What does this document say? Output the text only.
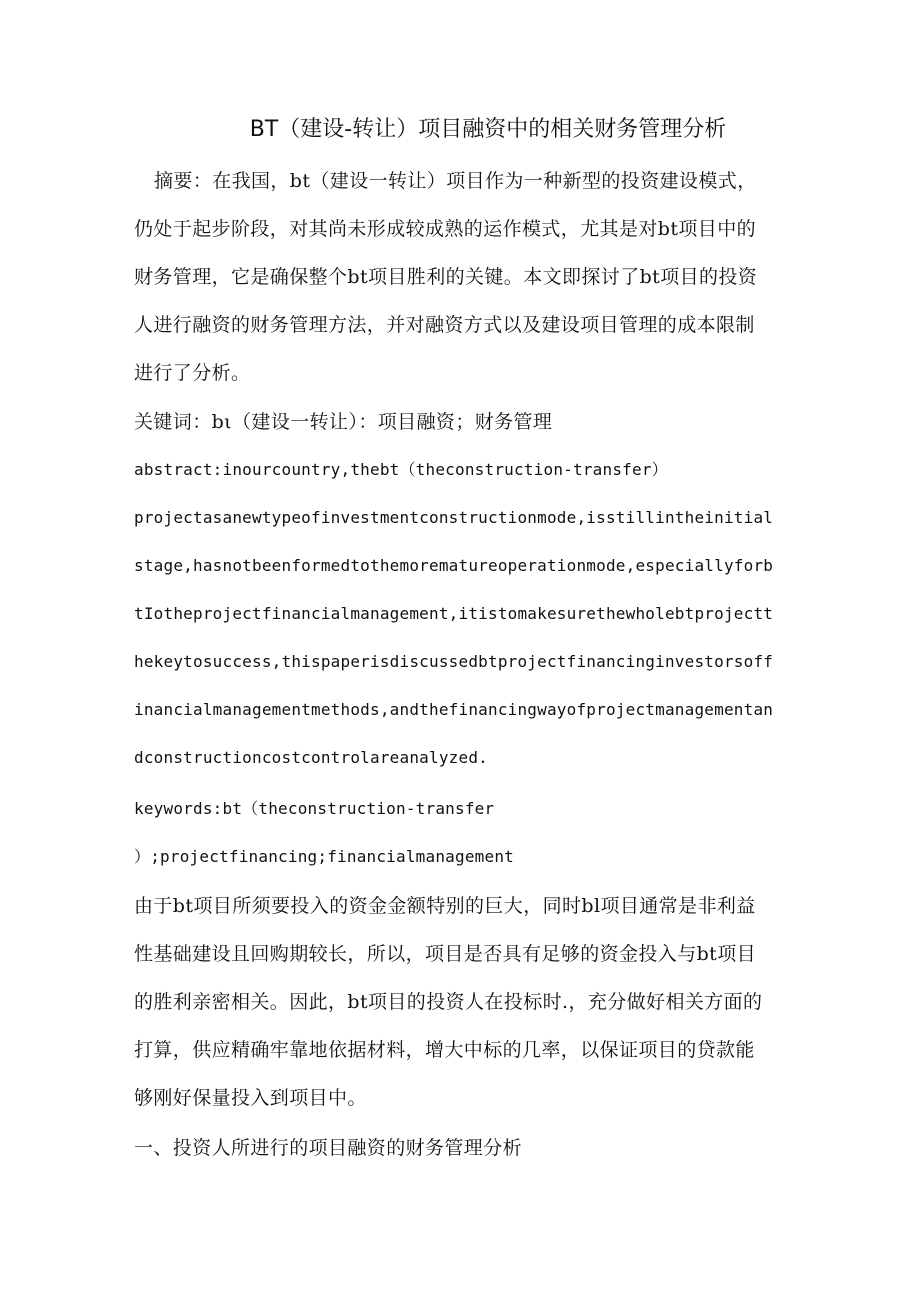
BT（建设-转让）项目融资中的相关财务管理分析

摘要：在我国，bt（建设一转让）项目作为一种新型的投资建设模式，仍处于起步阶段，对其尚未形成较成熟的运作模式，尤其是对bt项目中的财务管理，它是确保整个bt项目胜利的关键。本文即探讨了bt项目的投资人进行融资的财务管理方法，并对融资方式以及建设项目管理的成本限制进行了分析。

关键词：bι（建设一转让）：项目融资；财务管理

abstract:inourcountry,thebt（theconstruction-transfer）

projectasanewtypeofinvestmentconstructionmode,isstillintheinitialstage,hasnotbeenformedtothemorematureoperationmode,especiallyforbtIotheprojectfinancialmanagement,itistomakesurethewholebtprojectthekeytosuccess,thispaperisdiscussedbtprojectfinancinginvestorsoffinancialmanagementmethods,andthefinancingwayofprojectmanagementandconstructioncostcontrolareanalyzed.

keywords:bt（theconstruction-transfer

）;projectfinancing;financialmanagement

由于bt项目所须要投入的资金金额特别的巨大，同时bl项目通常是非利益性基础建设且回购期较长，所以，项目是否具有足够的资金投入与bt项目的胜利亲密相关。因此，bt项目的投资人在投标时.，充分做好相关方面的打算，供应精确牢靠地依据材料，增大中标的几率，以保证项目的贷款能够刚好保量投入到项目中。

一、投资人所进行的项目融资的财务管理分析
